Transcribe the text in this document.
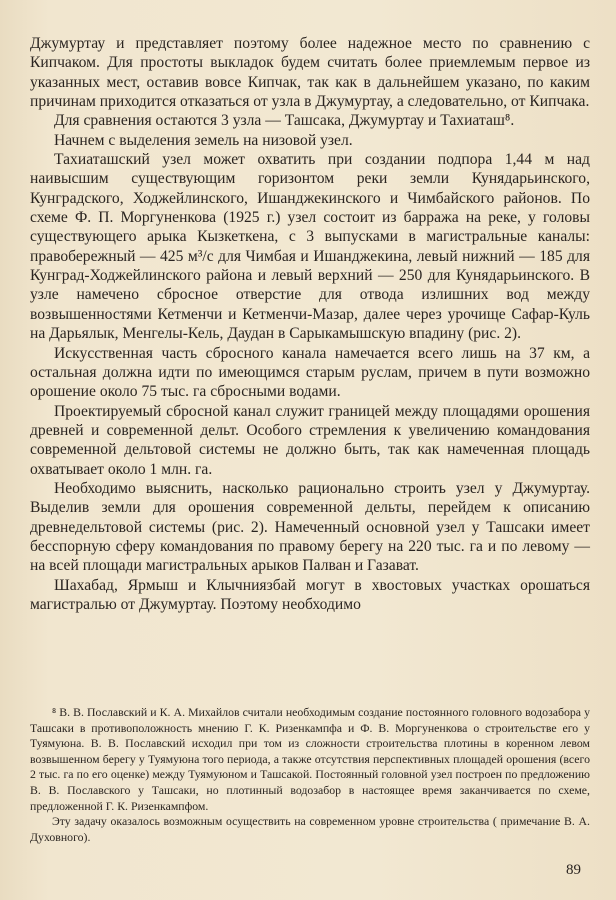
Джумуртау и представляет поэтому более надежное место по сравнению с Кипчаком. Для простоты выкладок будем считать более приемлемым первое из указанных мест, оставив вовсе Кипчак, так как в дальнейшем указано, по каким причинам приходится отказаться от узла в Джумуртау, а следовательно, от Кипчака.

Для сравнения остаются 3 узла — Ташсака, Джумуртау и Тахиаташ⁸.

Начнем с выделения земель на низовой узел.

Тахиаташский узел может охватить при создании подпора 1,44 м над наивысшим существующим горизонтом реки земли Кунядарьинского, Кунградского, Ходжейлинского, Ишанджекинского и Чимбайского районов. По схеме Ф. П. Моргуненкова (1925 г.) узел состоит из барража на реке, у головы существующего арыка Кызкеткена, с 3 выпусками в магистральные каналы: правобережный — 425 м³/с для Чимбая и Ишанджекина, левый нижний — 185 для Кунград-Ходжейлинского района и левый верхний — 250 для Кунядарьинского. В узле намечено сбросное отверстие для отвода излишних вод между возвышенностями Кетменчи и Кетменчи-Мазар, далее через урочище Сафар-Куль на Дарьялык, Менгелы-Кель, Даудан в Сарыкамышскую впадину (рис. 2).

Искусственная часть сбросного канала намечается всего лишь на 37 км, а остальная должна идти по имеющимся старым руслам, причем в пути возможно орошение около 75 тыс. га сбросными водами.

Проектируемый сбросной канал служит границей между площадями орошения древней и современной дельт. Особого стремления к увеличению командования современной дельтовой системы не должно быть, так как намеченная площадь охватывает около 1 млн. га.

Необходимо выяснить, насколько рационально строить узел у Джумуртау. Выделив земли для орошения современной дельты, перейдем к описанию древнедельтовой системы (рис. 2). Намеченный основной узел у Ташсаки имеет бесспорную сферу командования по правому берегу на 220 тыс. га и по левому — на всей площади магистральных арыков Палван и Газават.

Шахабад, Ярмыш и Клычниязбай могут в хвостовых участках орошаться магистралью от Джумуртау. Поэтому необходимо

⁸ В. В. Пославский и К. А. Михайлов считали необходимым создание постоянного головного водозабора у Ташсаки в противоположность мнению Г. К. Ризенкампфа и Ф. В. Моргуненкова о строительстве его у Туямуюна. В. В. Пославский исходил при том из сложности строительства плотины в коренном левом возвышенном берегу у Туямуюна того периода, а также отсутствия перспективных площадей орошения (всего 2 тыс. га по его оценке) между Туямуюном и Ташсакой. Постоянный головной узел построен по предложению В. В. Пославского у Ташсаки, но плотинный водозабор в настоящее время заканчивается по схеме, предложенной Г. К. Ризенкампфом.

Эту задачу оказалось возможным осуществить на современном уровне строительства ( примечание В. А. Духовного).

89
